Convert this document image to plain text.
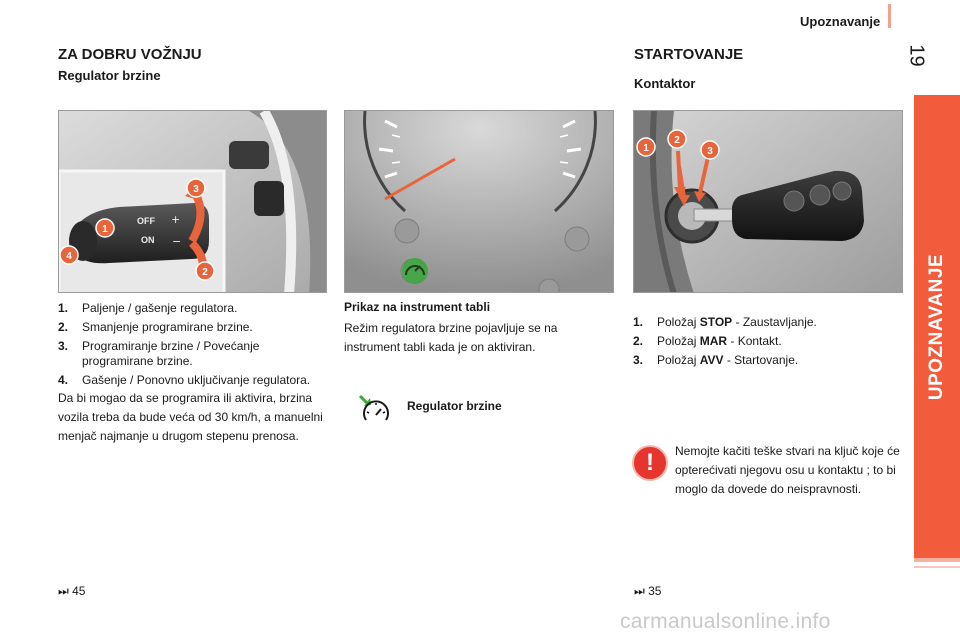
Upoznavanje
19
UPOZNAVANJE
ZA DOBRU VOŽNJU
Regulator brzine
OFF
ON
+
−
1
2
3
4
1.	Paljenje / gašenje regulatora.
2.	Smanjenje programirane brzine.
3.	Programiranje brzine / Povećanje programirane brzine.
4.	Gašenje / Ponovno uključivanje regulatora.
Da bi mogao da se programira ili aktivira, brzina vozila treba da bude veća od 30 km/h, a manuelni menjač najmanje u drugom stepenu prenosa.
⏭ 45
Prikaz na instrument tabli
Režim regulatora brzine pojavljuje se na instrument tabli kada je on aktiviran.
Regulator brzine
STARTOVANJE
Kontaktor
1
2
3
1.	Položaj STOP - Zaustavljanje.
2.	Položaj MAR - Kontakt.
3.	Položaj AVV - Startovanje.
!	Nemojte kačiti teške stvari na ključ koje će opterećivati njegovu osu u kontaktu ; to bi moglo da dovede do neispravnosti.
⏭ 35
carmanualsonline.info
